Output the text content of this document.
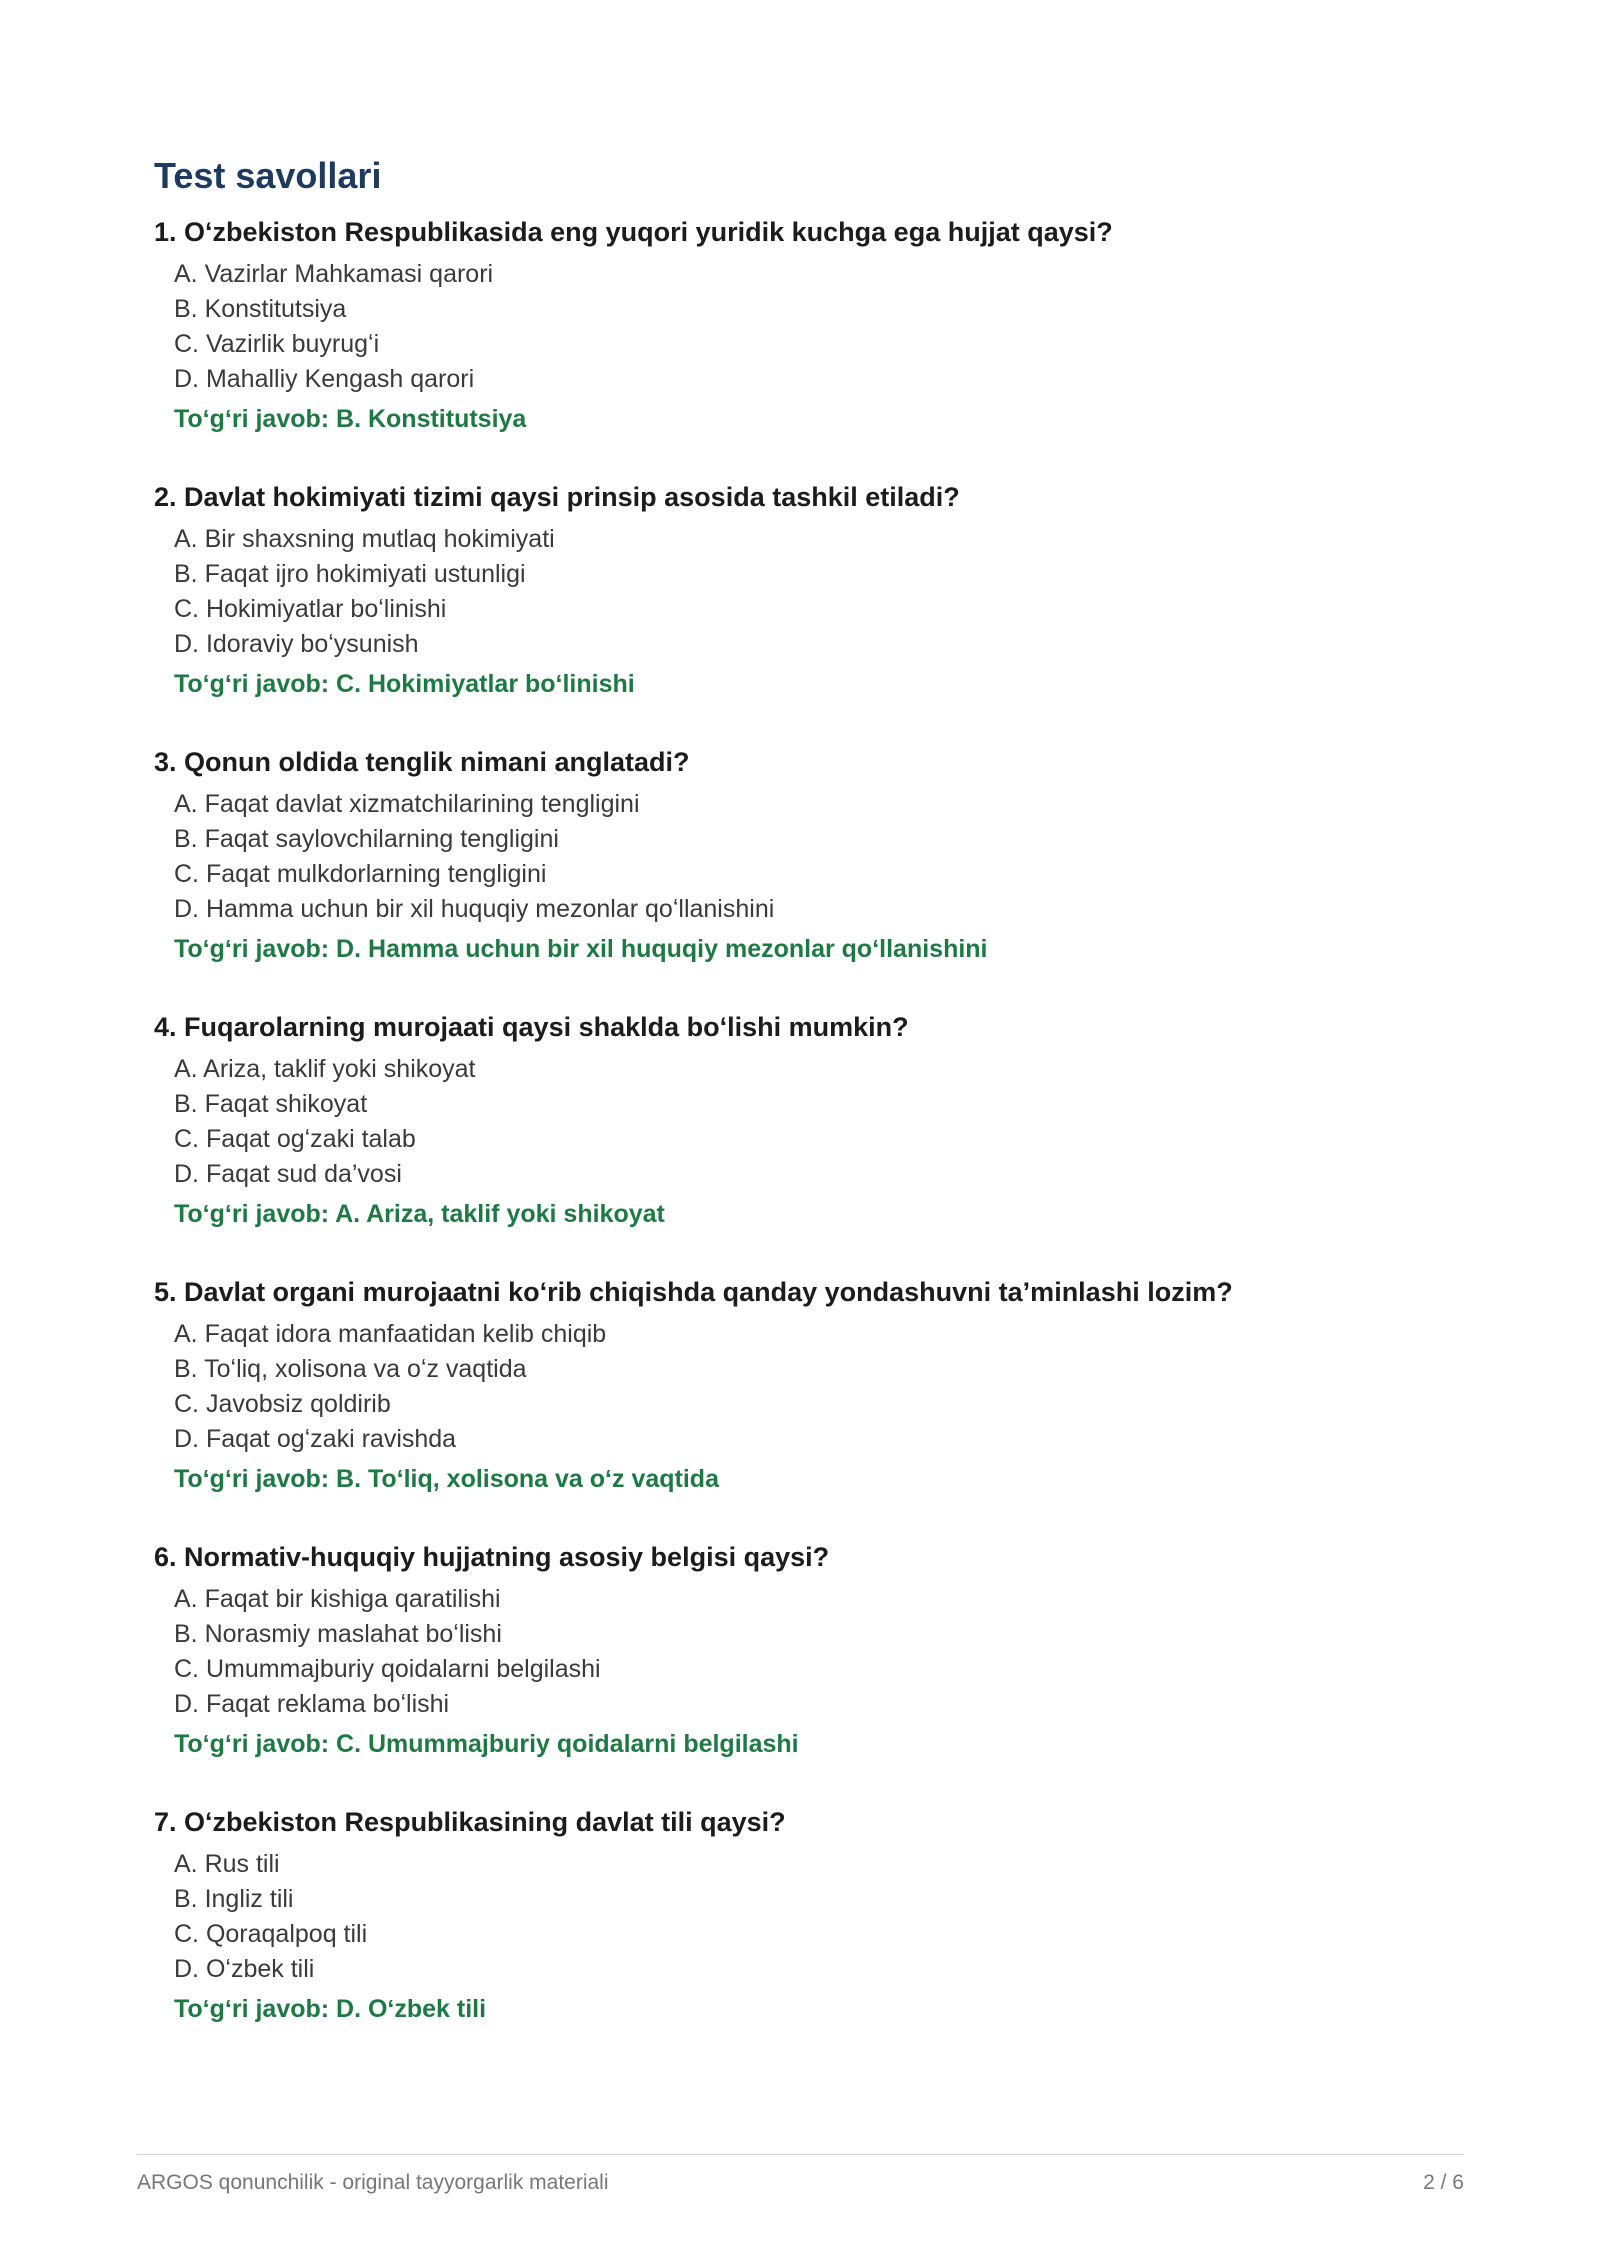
Test savollari

1. Oʻzbekiston Respublikasida eng yuqori yuridik kuchga ega hujjat qaysi?

A. Vazirlar Mahkamasi qarori
B. Konstitutsiya
C. Vazirlik buyrugʻi
D. Mahalliy Kengash qarori

Toʻgʻri javob: B. Konstitutsiya

2. Davlat hokimiyati tizimi qaysi prinsip asosida tashkil etiladi?

A. Bir shaxsning mutlaq hokimiyati
B. Faqat ijro hokimiyati ustunligi
C. Hokimiyatlar boʻlinishi
D. Idoraviy boʻysunish

Toʻgʻri javob: C. Hokimiyatlar boʻlinishi

3. Qonun oldida tenglik nimani anglatadi?

A. Faqat davlat xizmatchilarining tengligini
B. Faqat saylovchilarning tengligini
C. Faqat mulkdorlarning tengligini
D. Hamma uchun bir xil huquqiy mezonlar qoʻllanishini

Toʻgʻri javob: D. Hamma uchun bir xil huquqiy mezonlar qoʻllanishini

4. Fuqarolarning murojaati qaysi shaklda boʻlishi mumkin?

A. Ariza, taklif yoki shikoyat
B. Faqat shikoyat
C. Faqat ogʻzaki talab
D. Faqat sud da’vosi

Toʻgʻri javob: A. Ariza, taklif yoki shikoyat

5. Davlat organi murojaatni koʻrib chiqishda qanday yondashuvni ta’minlashi lozim?

A. Faqat idora manfaatidan kelib chiqib
B. Toʻliq, xolisona va oʻz vaqtida
C. Javobsiz qoldirib
D. Faqat ogʻzaki ravishda

Toʻgʻri javob: B. Toʻliq, xolisona va oʻz vaqtida

6. Normativ-huquqiy hujjatning asosiy belgisi qaysi?

A. Faqat bir kishiga qaratilishi
B. Norasmiy maslahat boʻlishi
C. Umummajburiy qoidalarni belgilashi
D. Faqat reklama boʻlishi

Toʻgʻri javob: C. Umummajburiy qoidalarni belgilashi

7. Oʻzbekiston Respublikasining davlat tili qaysi?

A. Rus tili
B. Ingliz tili
C. Qoraqalpoq tili
D. Oʻzbek tili

Toʻgʻri javob: D. Oʻzbek tili

ARGOS qonunchilik - original tayyorgarlik materiali	2 / 6
